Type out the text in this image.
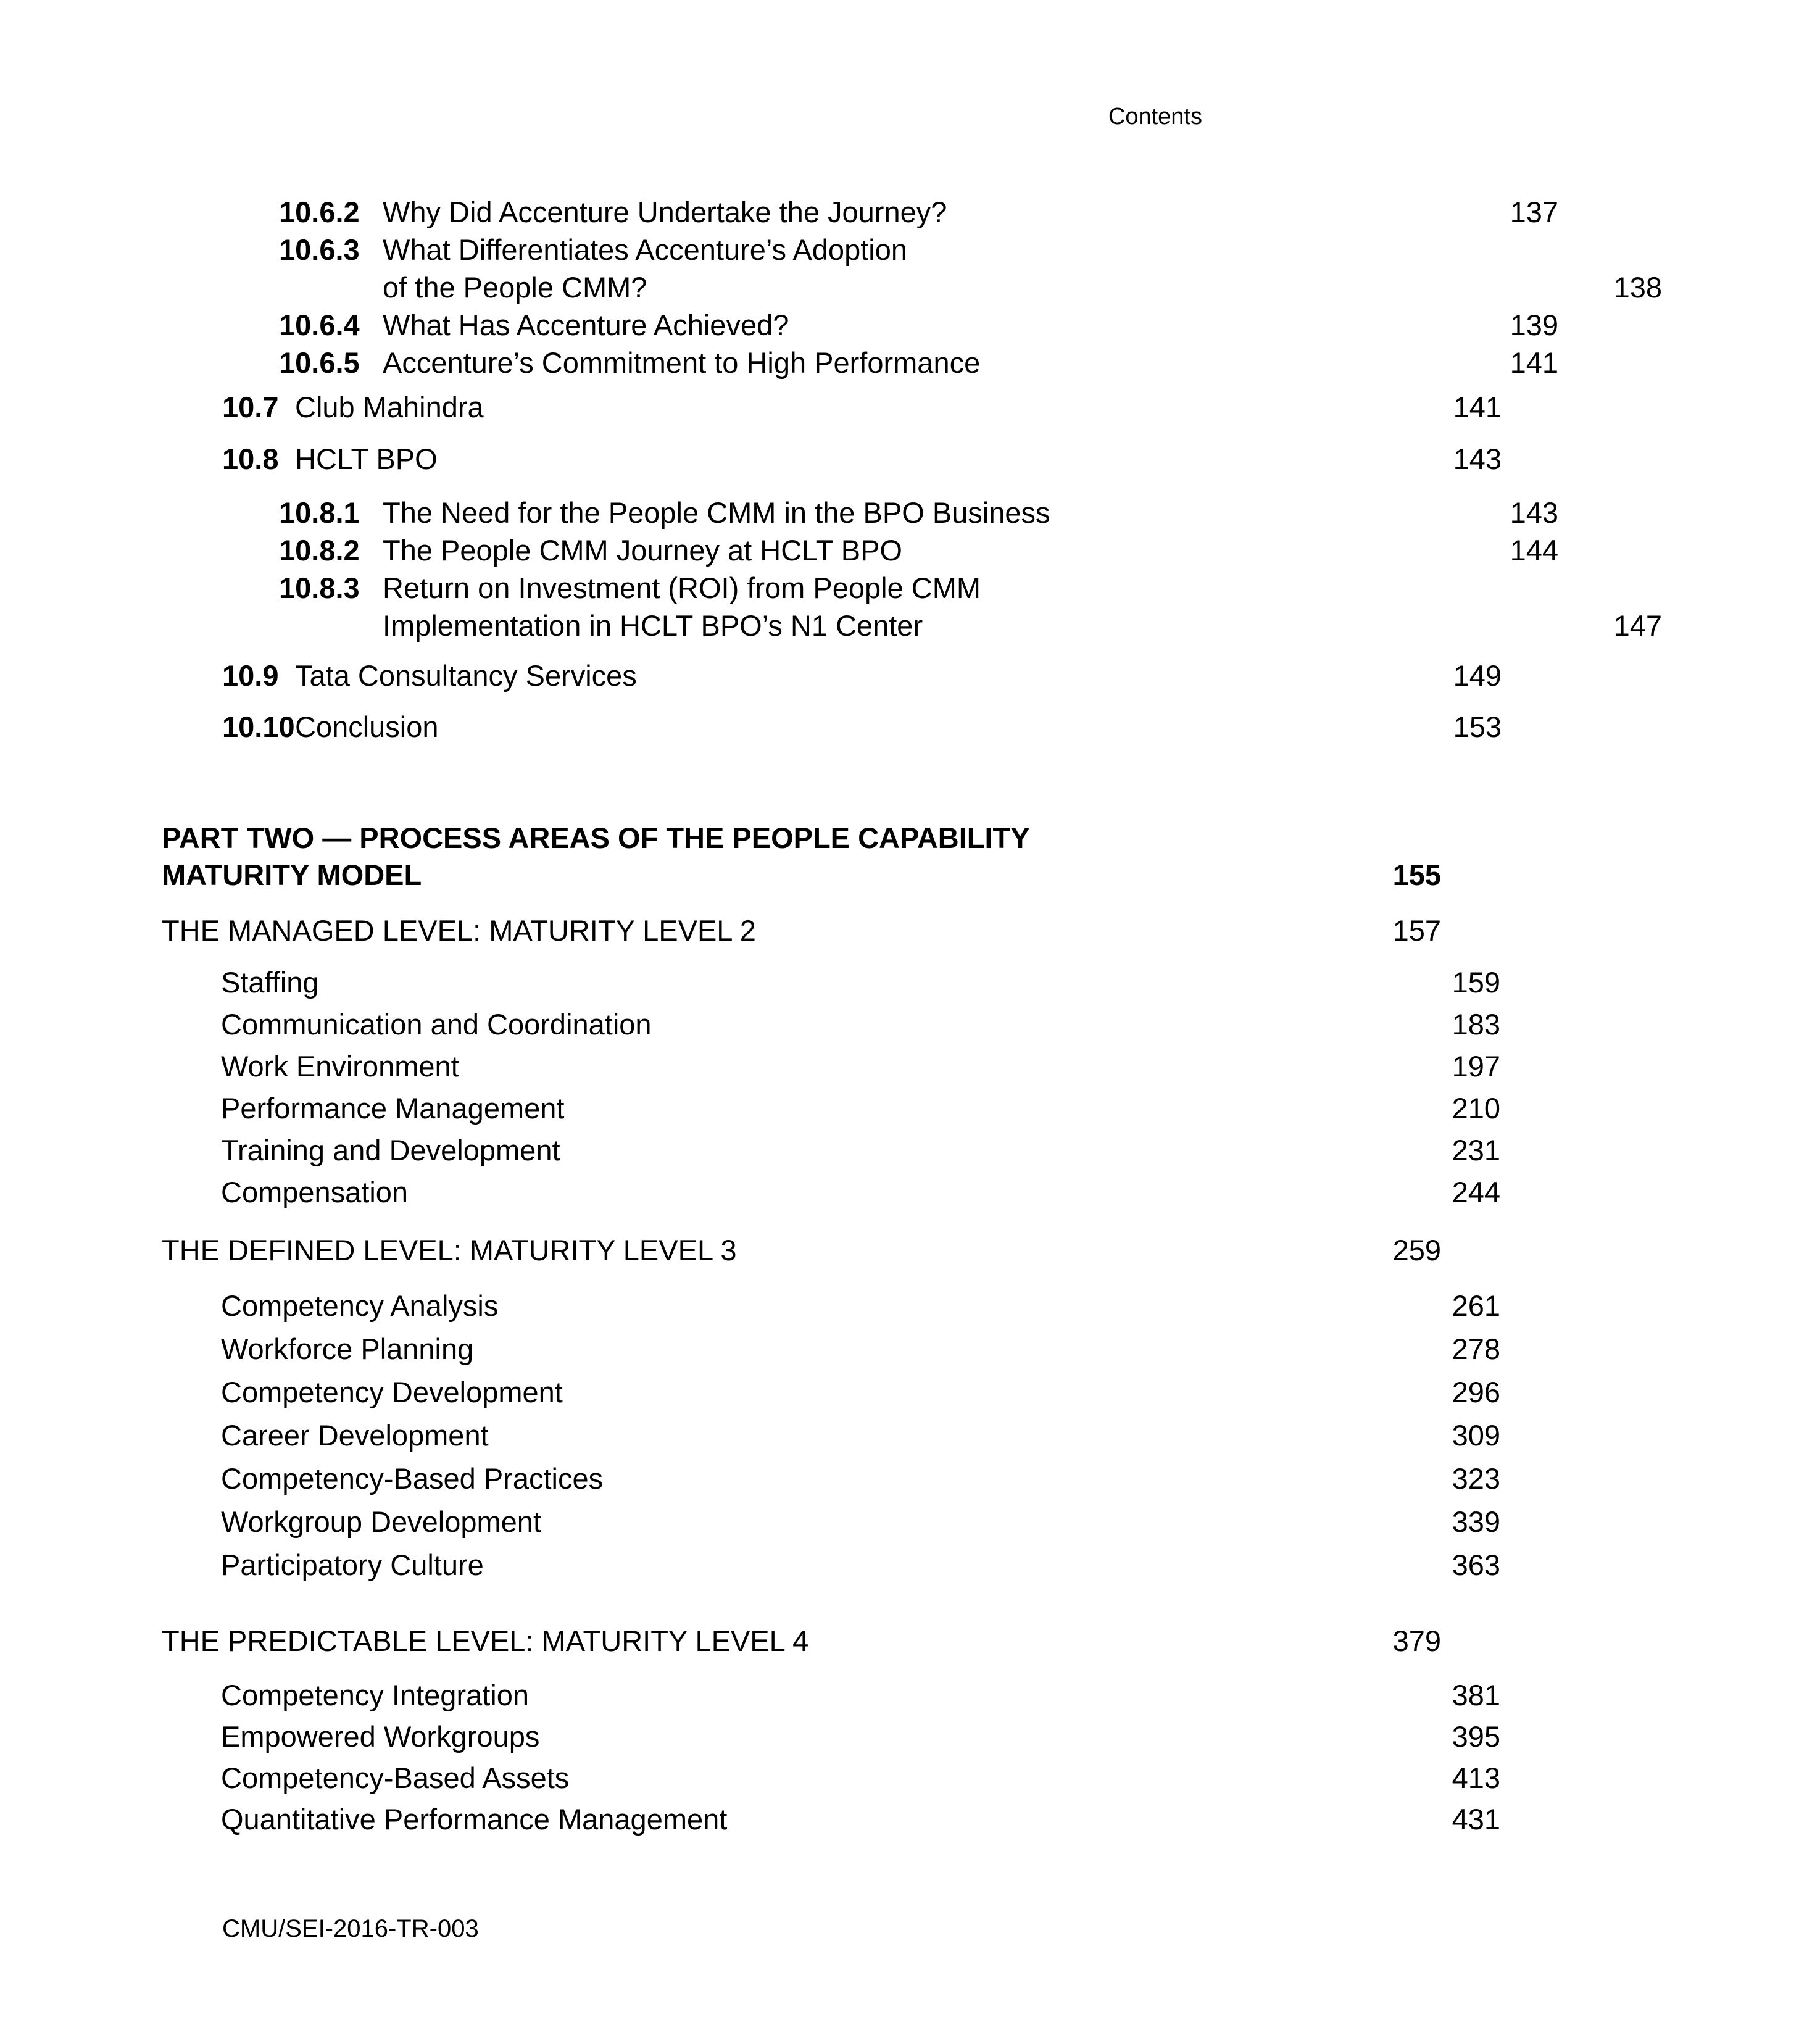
Contents
10.6.2 Why Did Accenture Undertake the Journey?	137
10.6.3 What Differentiates Accenture’s Adoption
of the People CMM?	138
10.6.4 What Has Accenture Achieved?	139
10.6.5 Accenture’s Commitment to High Performance	141
10.7 Club Mahindra	141
10.8 HCLT BPO	143
10.8.1 The Need for the People CMM in the BPO Business	143
10.8.2 The People CMM Journey at HCLT BPO	144
10.8.3 Return on Investment (ROI) from People CMM
Implementation in HCLT BPO’s N1 Center	147
10.9 Tata Consultancy Services	149
10.10Conclusion	153
PART TWO — PROCESS AREAS OF THE PEOPLE CAPABILITY
MATURITY MODEL	155
THE MANAGED LEVEL: MATURITY LEVEL 2	157
Staffing	159
Communication and Coordination	183
Work Environment	197
Performance Management	210
Training and Development	231
Compensation	244
THE DEFINED LEVEL: MATURITY LEVEL 3	259
Competency Analysis	261
Workforce Planning	278
Competency Development	296
Career Development	309
Competency-Based Practices	323
Workgroup Development	339
Participatory Culture	363
THE PREDICTABLE LEVEL: MATURITY LEVEL 4	379
Competency Integration	381
Empowered Workgroups	395
Competency-Based Assets	413
Quantitative Performance Management	431
CMU/SEI-2016-TR-003
